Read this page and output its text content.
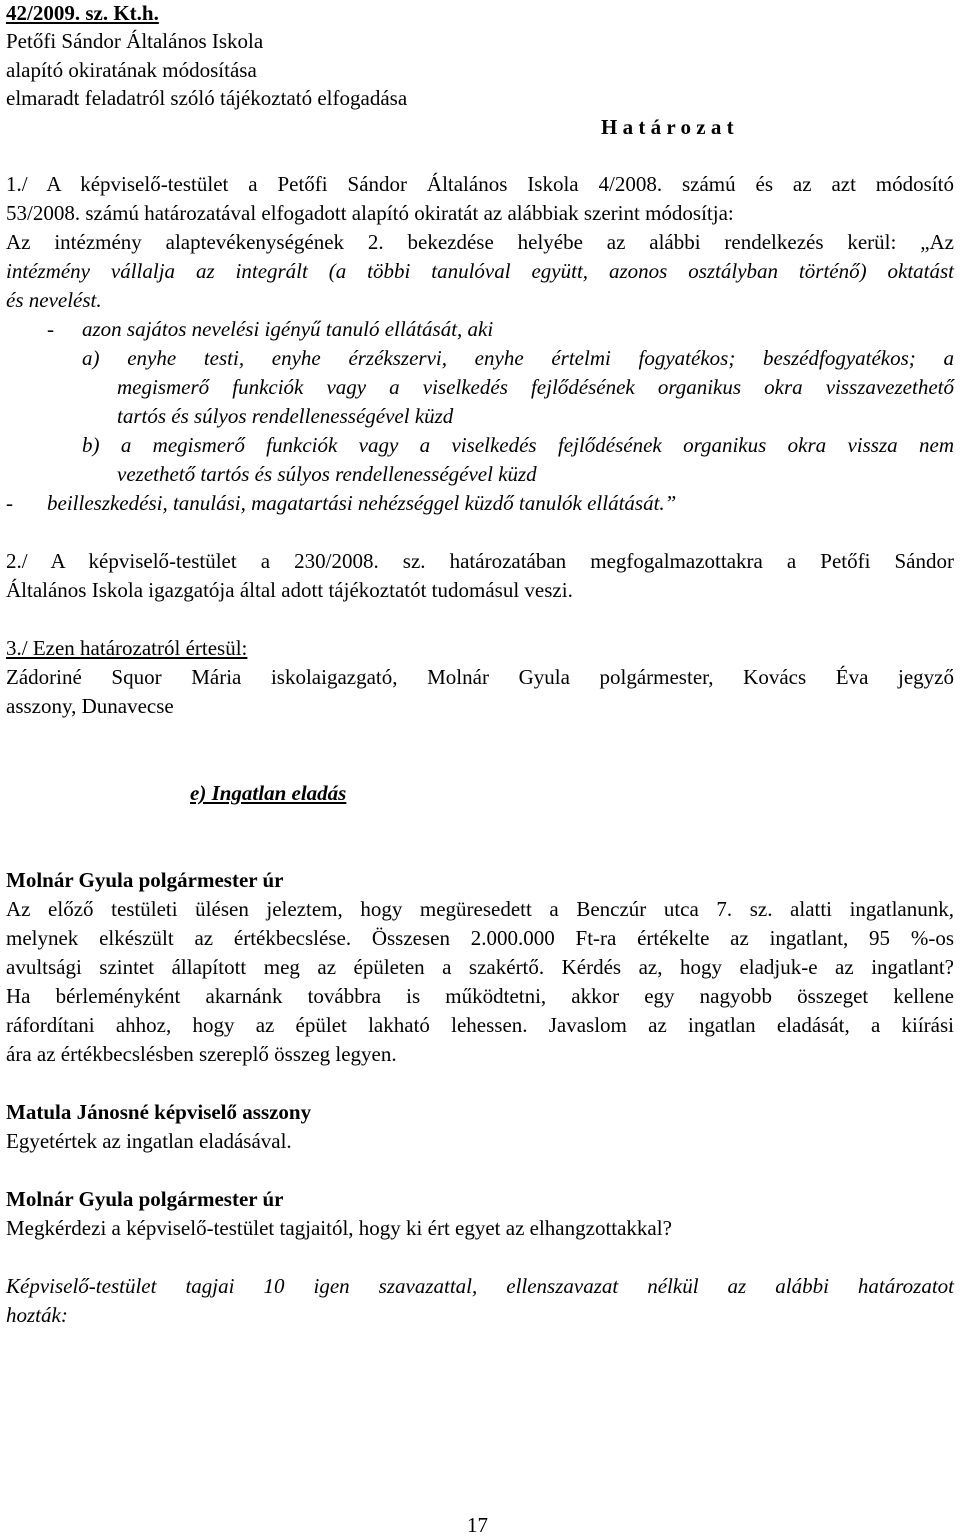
42/2009. sz. Kt.h.
Petőfi Sándor Általános Iskola
alapító okiratának módosítása
elmaradt feladatról szóló tájékoztató elfogadása
H a t á r o z a t
1./ A képviselő-testület a Petőfi Sándor Általános Iskola 4/2008. számú és az azt módosító
53/2008. számú határozatával elfogadott alapító okiratát az alábbiak szerint módosítja:
Az intézmény alaptevékenységének 2. bekezdése helyébe az alábbi rendelkezés kerül: „Az
intézmény vállalja az integrált (a többi tanulóval együtt, azonos osztályban történő) oktatást
és nevelést.
- azon sajátos nevelési igényű tanuló ellátását, aki
a) enyhe testi, enyhe érzékszervi, enyhe értelmi fogyatékos; beszédfogyatékos; a
megismerő funkciók vagy a viselkedés fejlődésének organikus okra visszavezethető
tartós és súlyos rendellenességével küzd
b) a megismerő funkciók vagy a viselkedés fejlődésének organikus okra vissza nem
vezethető tartós és súlyos rendellenességével küzd
- beilleszkedési, tanulási, magatartási nehézséggel küzdő tanulók ellátását.”
2./ A képviselő-testület a 230/2008. sz. határozatában megfogalmazottakra a Petőfi Sándor
Általános Iskola igazgatója által adott tájékoztatót tudomásul veszi.
3./ Ezen határozatról értesül:
Zádoriné Squor Mária iskolaigazgató, Molnár Gyula polgármester, Kovács Éva jegyző
asszony, Dunavecse
e) Ingatlan eladás
Molnár Gyula polgármester úr
Az előző testületi ülésen jeleztem, hogy megüresedett a Benczúr utca 7. sz. alatti ingatlanunk,
melynek elkészült az értékbecslése. Összesen 2.000.000 Ft-ra értékelte az ingatlant, 95 %-os
avultsági szintet állapított meg az épületen a szakértő. Kérdés az, hogy eladjuk-e az ingatlant?
Ha bérleményként akarnánk továbbra is működtetni, akkor egy nagyobb összeget kellene
ráfordítani ahhoz, hogy az épület lakható lehessen. Javaslom az ingatlan eladását, a kiírási
ára az értékbecslésben szereplő összeg legyen.
Matula Jánosné képviselő asszony
Egyetértek az ingatlan eladásával.
Molnár Gyula polgármester úr
Megkérdezi a képviselő-testület tagjaitól, hogy ki ért egyet az elhangzottakkal?
Képviselő-testület tagjai 10 igen szavazattal, ellenszavazat nélkül az alábbi határozatot
hozták:
17
